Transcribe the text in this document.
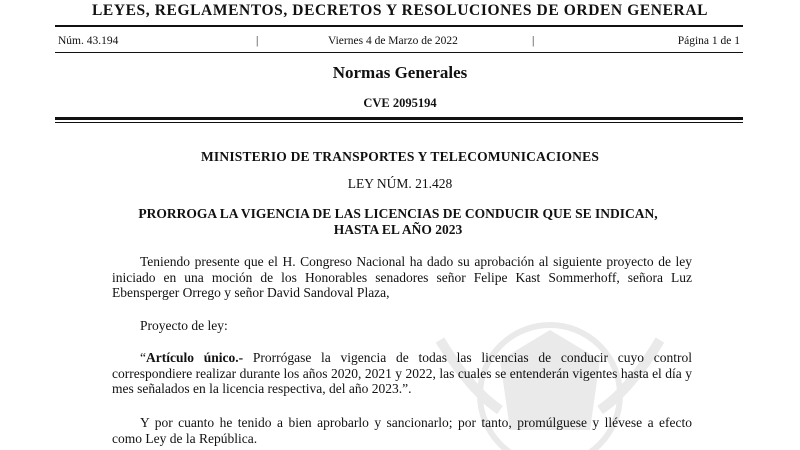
LEYES, REGLAMENTOS, DECRETOS Y RESOLUCIONES DE ORDEN GENERAL
Núm. 43.194	|	Viernes 4 de Marzo de 2022	|	Página 1 de 1
Normas Generales
CVE 2095194
MINISTERIO DE TRANSPORTES Y TELECOMUNICACIONES
LEY NÚM. 21.428
PRORROGA LA VIGENCIA DE LAS LICENCIAS DE CONDUCIR QUE SE INDICAN,
HASTA EL AÑO 2023

Teniendo presente que el H. Congreso Nacional ha dado su aprobación al siguiente proyecto de ley iniciado en una moción de los Honorables senadores señor Felipe Kast Sommerhoff, señora Luz Ebensperger Orrego y señor David Sandoval Plaza,

Proyecto de ley:

“Artículo único.- Prorrógase la vigencia de todas las licencias de conducir cuyo control correspondiere realizar durante los años 2020, 2021 y 2022, las cuales se entenderán vigentes hasta el día y mes señalados en la licencia respectiva, del año 2023.”.

Y por cuanto he tenido a bien aprobarlo y sancionarlo; por tanto, promúlguese y llévese a efecto como Ley de la República.
